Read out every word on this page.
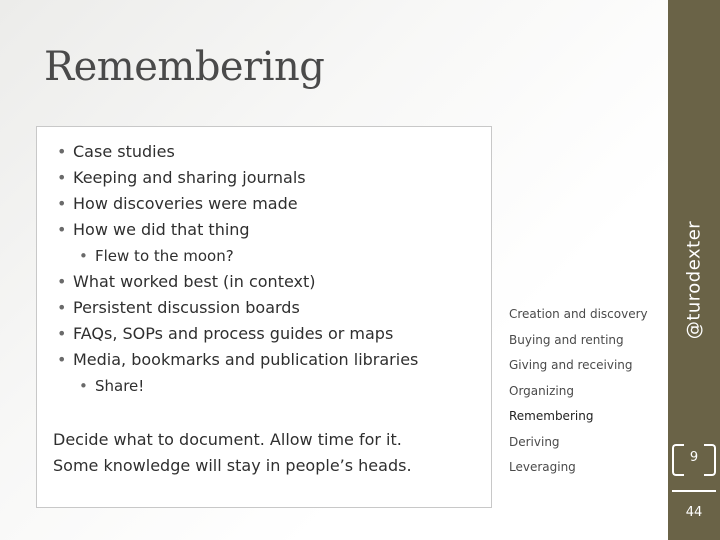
Remembering
• Case studies
• Keeping and sharing journals
• How discoveries were made
• How we did that thing
• Flew to the moon?
• What worked best (in context)
• Persistent discussion boards
• FAQs, SOPs and process guides or maps
• Media, bookmarks and publication libraries
• Share!
Decide what to document. Allow time for it.
Some knowledge will stay in people’s heads.
Creation and discovery
Buying and renting
Giving and receiving
Organizing
Remembering
Deriving
Leveraging
@turodexter
9
44
